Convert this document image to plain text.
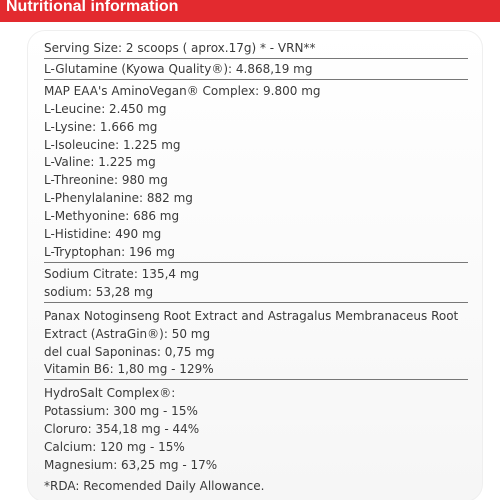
Nutritional information
Serving Size: 2 scoops ( aprox.17g) * - VRN**
L-Glutamine (Kyowa Quality®): 4.868,19 mg
MAP EAA's AminoVegan® Complex: 9.800 mg
L-Leucine: 2.450 mg
L-Lysine: 1.666 mg
L-Isoleucine: 1.225 mg
L-Valine: 1.225 mg
L-Threonine: 980 mg
L-Phenylalanine: 882 mg
L-Methyonine: 686 mg
L-Histidine: 490 mg
L-Tryptophan: 196 mg
Sodium Citrate: 135,4 mg
sodium: 53,28 mg
Panax Notoginseng Root Extract and Astragalus Membranaceus Root
Extract (AstraGin®): 50 mg
del cual Saponinas: 0,75 mg
Vitamin B6: 1,80 mg - 129%
HydroSalt Complex®:
Potassium: 300 mg - 15%
Cloruro: 354,18 mg - 44%
Calcium: 120 mg - 15%
Magnesium: 63,25 mg - 17%
*RDA: Recomended Daily Allowance.
